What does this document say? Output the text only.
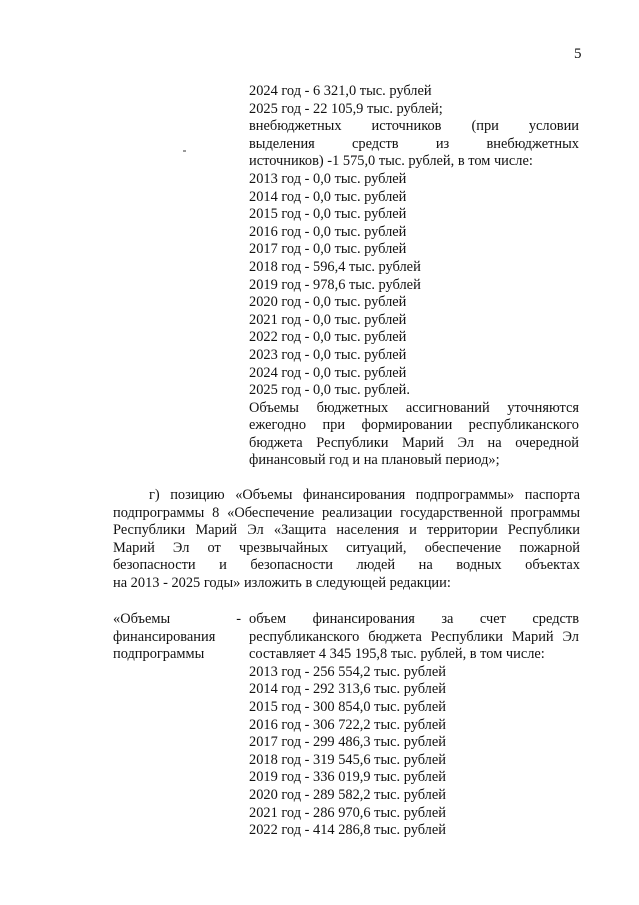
5
2024 год - 6 321,0 тыс. рублей
2025 год - 22 105,9 тыс. рублей;
внебюджетных источников (при условии
выделения средств из внебюджетных
источников) -1 575,0 тыс. рублей, в том числе:
2013 год - 0,0 тыс. рублей
2014 год - 0,0 тыс. рублей
2015 год - 0,0 тыс. рублей
2016 год - 0,0 тыс. рублей
2017 год - 0,0 тыс. рублей
2018 год - 596,4 тыс. рублей
2019 год - 978,6 тыс. рублей
2020 год - 0,0 тыс. рублей
2021 год - 0,0 тыс. рублей
2022 год - 0,0 тыс. рублей
2023 год - 0,0 тыс. рублей
2024 год - 0,0 тыс. рублей
2025 год - 0,0 тыс. рублей.
Объемы бюджетных ассигнований уточняются
ежегодно при формировании республиканского
бюджета Республики Марий Эл на очередной
финансовый год и на плановый период»;
г) позицию «Объемы финансирования подпрограммы» паспорта
подпрограммы 8 «Обеспечение реализации государственной программы
Республики Марий Эл «Защита населения и территории Республики
Марий Эл от чрезвычайных ситуаций, обеспечение пожарной
безопасности и безопасности людей на водных объектах
на 2013 - 2025 годы» изложить в следующей редакции:
«Объемы	-
финансирования
подпрограммы
объем финансирования за счет средств
республиканского бюджета Республики Марий Эл
составляет 4 345 195,8 тыс. рублей, в том числе:
2013 год - 256 554,2 тыс. рублей
2014 год - 292 313,6 тыс. рублей
2015 год - 300 854,0 тыс. рублей
2016 год - 306 722,2 тыс. рублей
2017 год - 299 486,3 тыс. рублей
2018 год - 319 545,6 тыс. рублей
2019 год - 336 019,9 тыс. рублей
2020 год - 289 582,2 тыс. рублей
2021 год - 286 970,6 тыс. рублей
2022 год - 414 286,8 тыс. рублей
